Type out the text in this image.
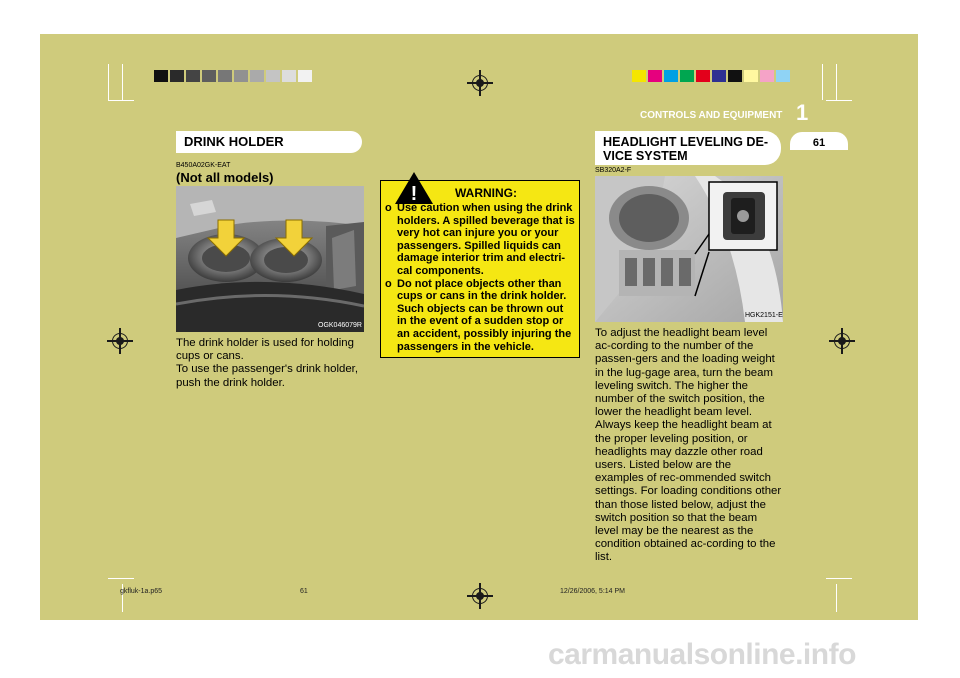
CONTROLS AND EQUIPMENT 1
61
DRINK HOLDER
B450A02GK-EAT
(Not all models)
OGK046079R
The drink holder is used for holding cups or cans.
To use the passenger's drink holder, push the drink holder.
!	WARNING:
o Use caution when using the drink holders. A spilled beverage that is very hot can injure you or your passengers. Spilled liquids can damage interior trim and electri-cal components.
o Do not place objects other than cups or cans in the drink holder. Such objects can be thrown out in the event of a sudden stop or an accident, possibly injuring the passengers in the vehicle.
HEADLIGHT LEVELING DE-
VICE SYSTEM
SB320A2-F
HGK2151-E
To adjust the headlight beam level ac-cording to the number of the passen-gers and the loading weight in the lug-gage area, turn the beam leveling switch. The higher the number of the switch position, the lower the headlight beam level. Always keep the headlight beam at the proper leveling position, or headlights may dazzle other road users. Listed below are the examples of rec-ommended switch settings. For loading conditions other than those listed below, adjust the switch position so that the beam level may be the nearest as the condition obtained ac-cording to the list.
gkfluk-1a.p65	61	12/26/2006, 5:14 PM
carmanualsonline.info
